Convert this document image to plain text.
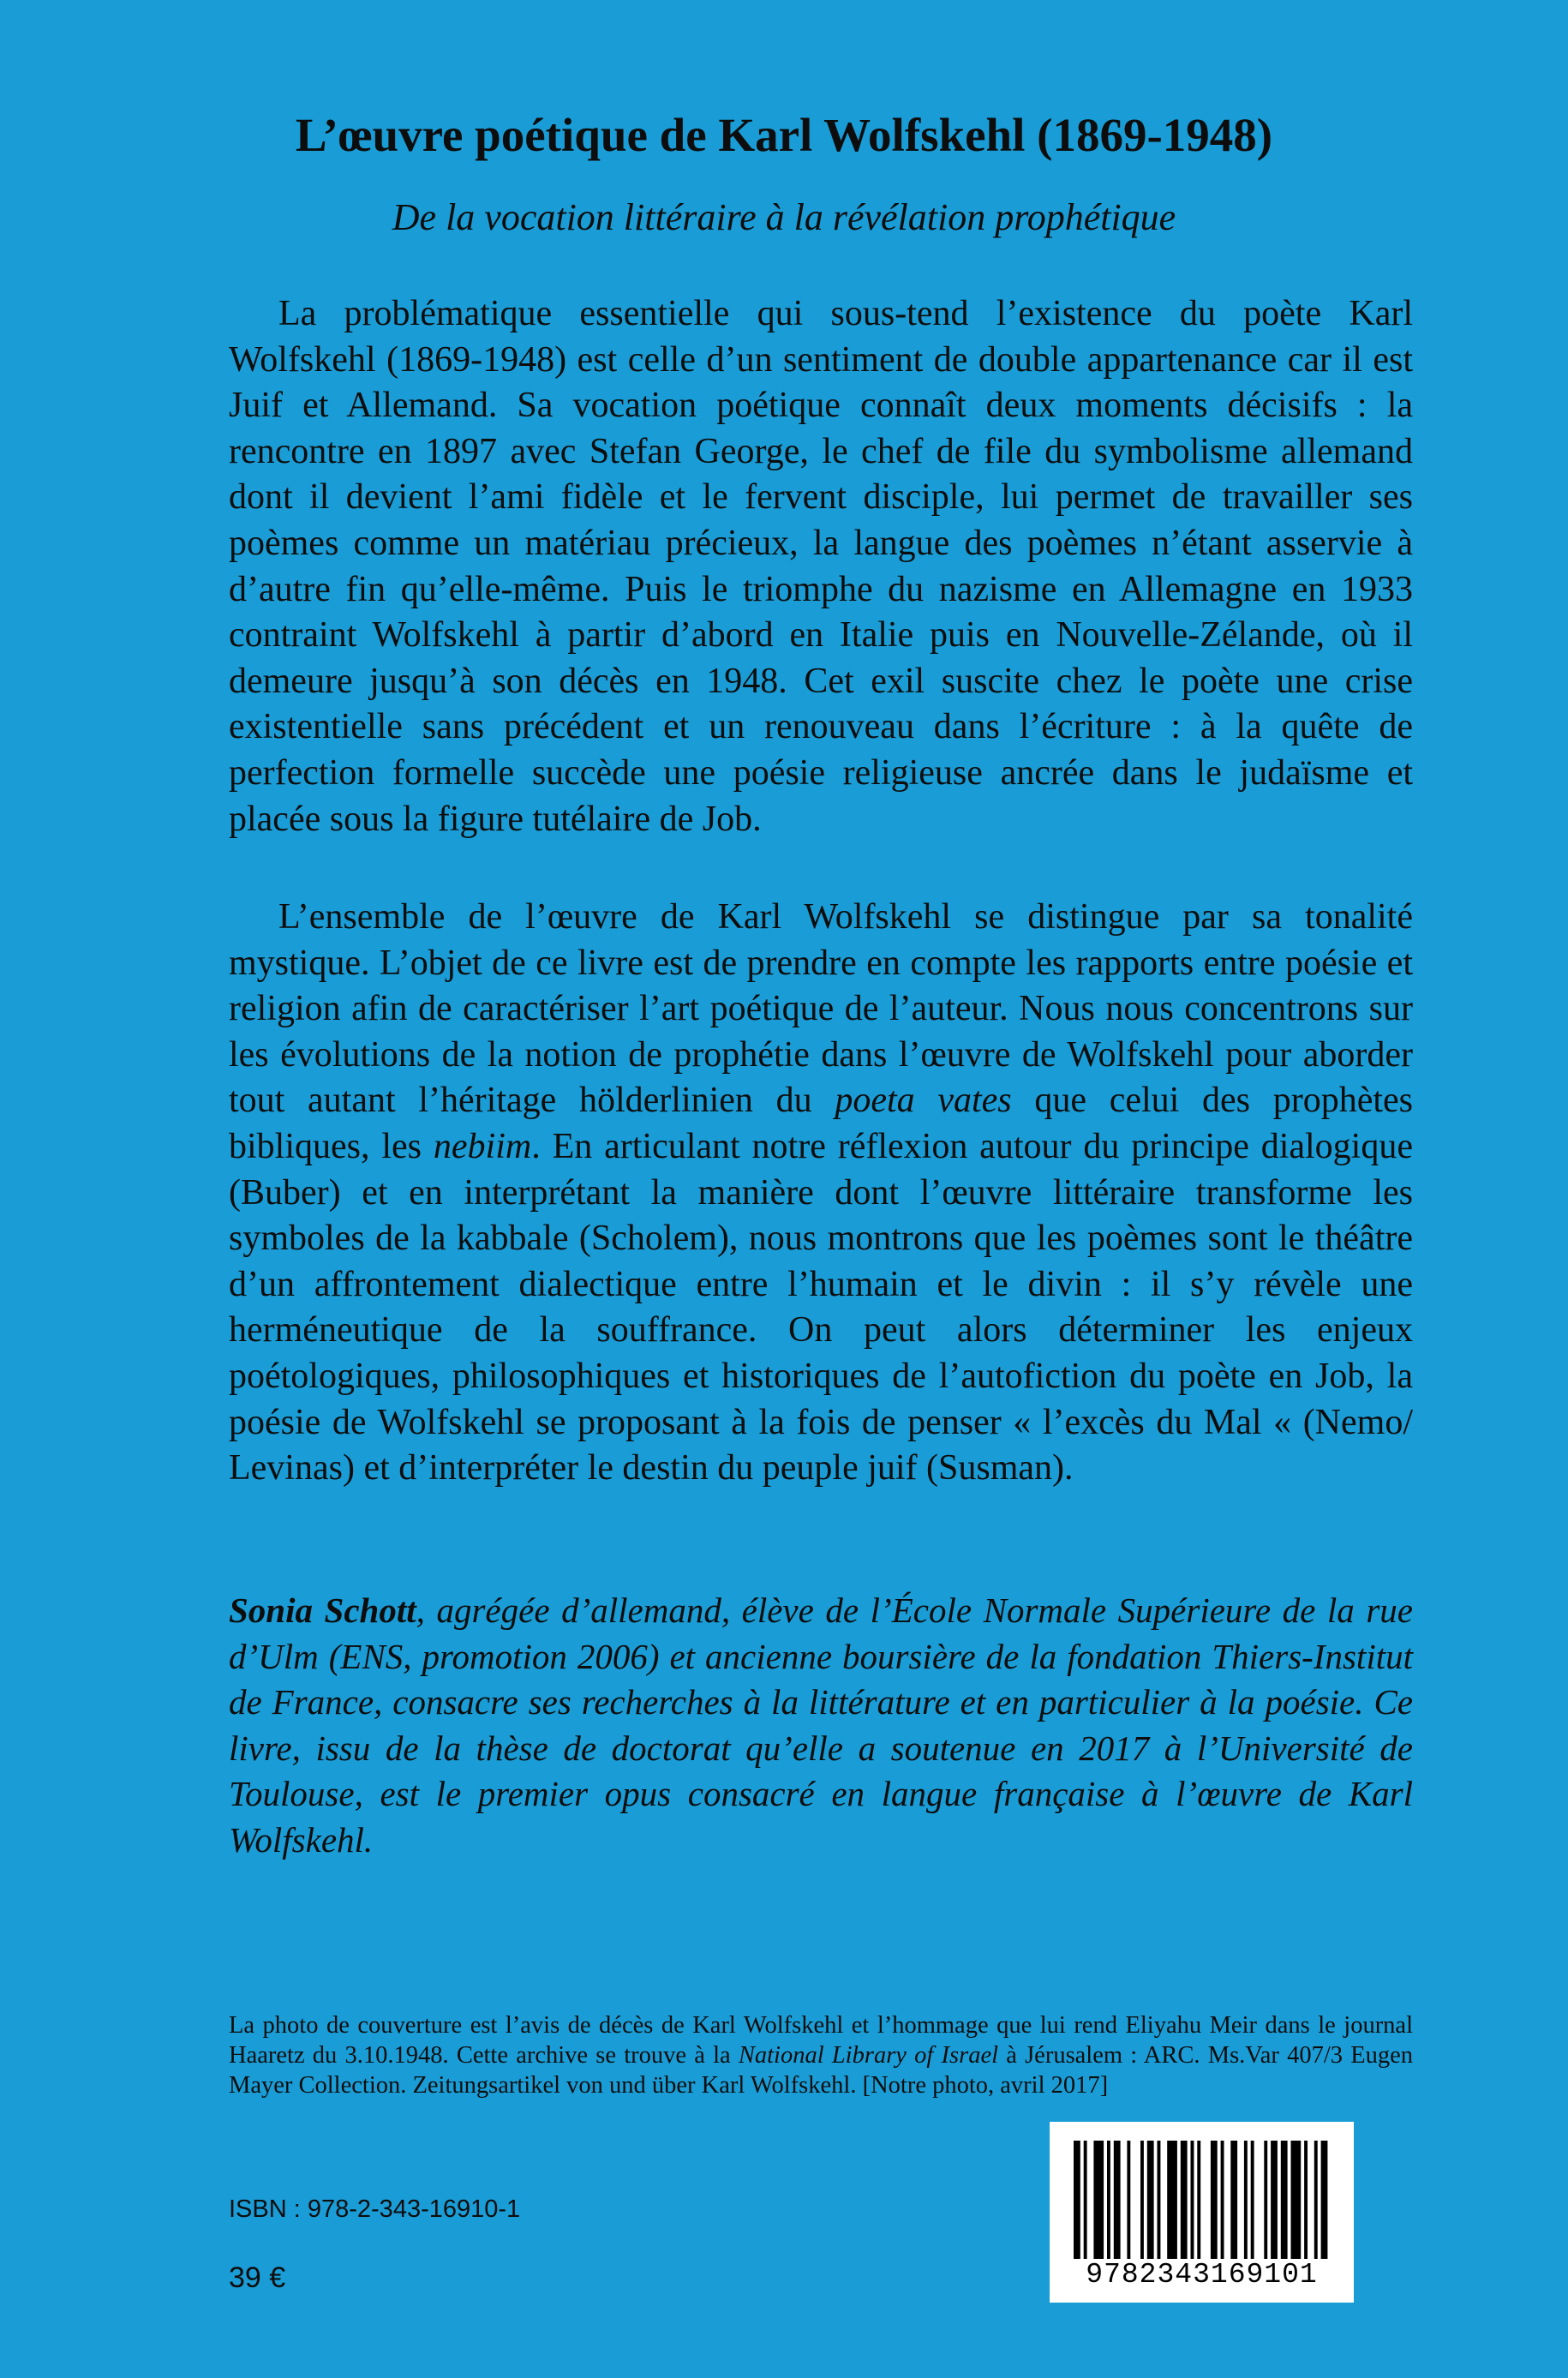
L’œuvre poétique de Karl Wolfskehl (1869-1948)
De la vocation littéraire à la révélation prophétique

La problématique essentielle qui sous-tend l’existence du poète Karl Wolfskehl (1869-1948) est celle d’un sentiment de double appartenance car il est Juif et Allemand. Sa vocation poétique connaît deux moments décisifs : la rencontre en 1897 avec Stefan George, le chef de file du symbolisme allemand dont il devient l’ami fidèle et le fervent disciple, lui permet de travailler ses poèmes comme un matériau précieux, la langue des poèmes n’étant asservie à d’autre fin qu’elle-même. Puis le triomphe du nazisme en Allemagne en 1933 contraint Wolfskehl à partir d’abord en Italie puis en Nouvelle-Zélande, où il demeure jusqu’à son décès en 1948. Cet exil suscite chez le poète une crise existentielle sans précédent et un renouveau dans l’écriture : à la quête de perfection formelle succède une poésie religieuse ancrée dans le judaïsme et placée sous la figure tutélaire de Job.

L’ensemble de l’œuvre de Karl Wolfskehl se distingue par sa tonalité mystique. L’objet de ce livre est de prendre en compte les rapports entre poésie et religion afin de caractériser l’art poétique de l’auteur. Nous nous concentrons sur les évolutions de la notion de prophétie dans l’œuvre de Wolfskehl pour aborder tout autant l’héritage hölderlinien du poeta vates que celui des prophètes bibliques, les nebiim. En articulant notre réflexion autour du principe dialogique (Buber) et en interprétant la manière dont l’œuvre littéraire transforme les symboles de la kabbale (Scholem), nous montrons que les poèmes sont le théâtre d’un affrontement dialectique entre l’humain et le divin : il s’y révèle une herméneutique de la souffrance. On peut alors déterminer les enjeux poétologiques, philosophiques et historiques de l’autofiction du poète en Job, la poésie de Wolfskehl se proposant à la fois de penser « l’excès du Mal « (Nemo/ Levinas) et d’interpréter le destin du peuple juif (Susman).

Sonia Schott, agrégée d’allemand, élève de l’École Normale Supérieure de la rue d’Ulm (ENS, promotion 2006) et ancienne boursière de la fondation Thiers-Institut de France, consacre ses recherches à la littérature et en particulier à la poésie. Ce livre, issu de la thèse de doctorat qu’elle a soutenue en 2017 à l’Université de Toulouse, est le premier opus consacré en langue française à l’œuvre de Karl Wolfskehl.

La photo de couverture est l’avis de décès de Karl Wolfskehl et l’hommage que lui rend Eliyahu Meir dans le journal Haaretz du 3.10.1948. Cette archive se trouve à la National Library of Israel à Jérusalem : ARC. Ms.Var 407/3 Eugen Mayer Collection. Zeitungsartikel von und über Karl Wolfskehl. [Notre photo, avril 2017]

ISBN : 978-2-343-16910-1
39 €	9782343169101
